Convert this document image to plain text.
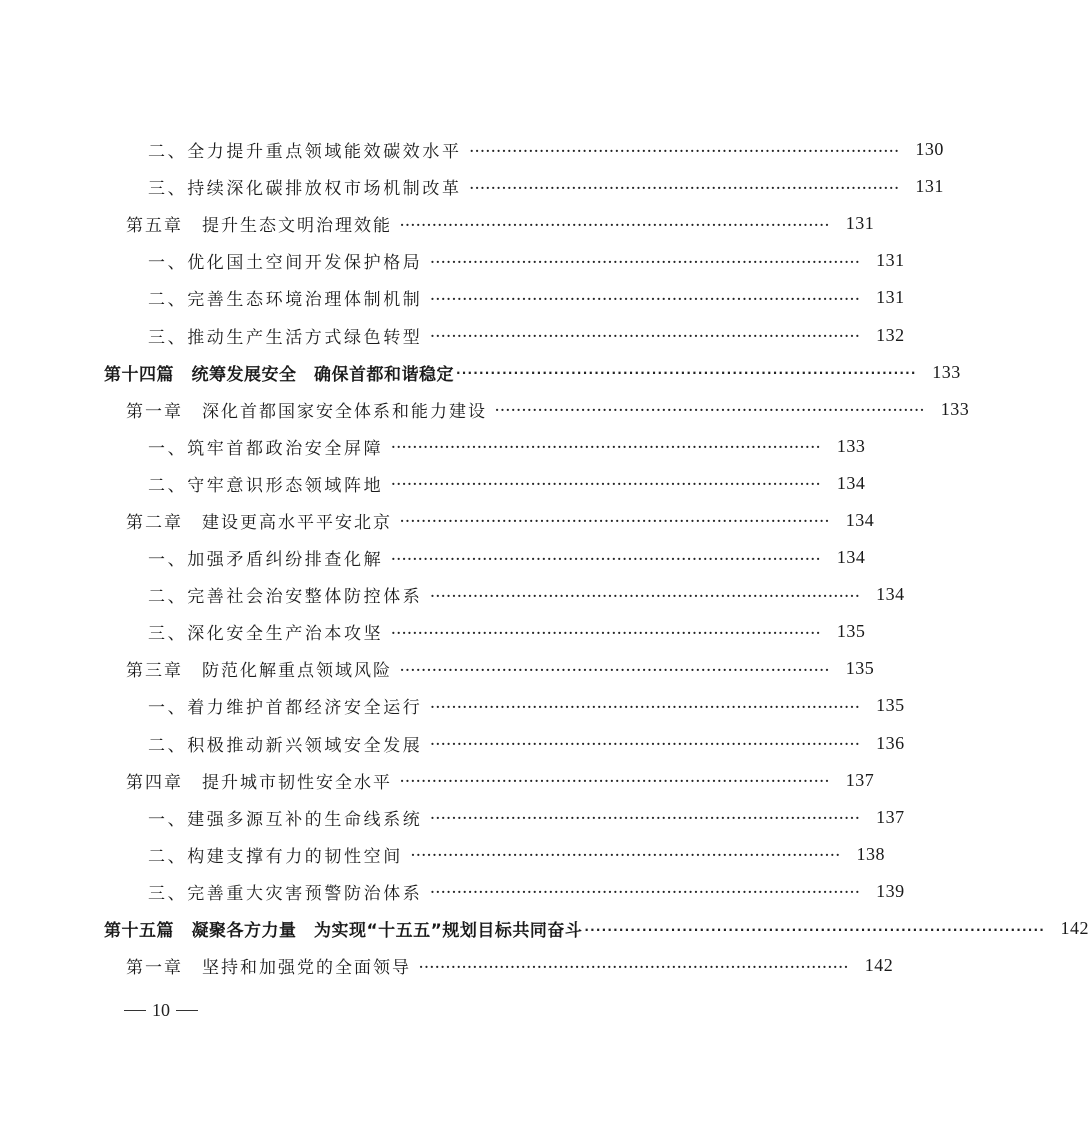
二、全力提升重点领域能效碳效水平 ················································································ 130
三、持续深化碳排放权市场机制改革 ················································································ 131
第五章　提升生态文明治理效能 ················································································ 131
一、优化国土空间开发保护格局 ················································································ 131
二、完善生态环境治理体制机制 ················································································ 131
三、推动生产生活方式绿色转型 ················································································ 132
第十四篇　统筹发展安全　确保首都和谐稳定 ················································································ 133
第一章　深化首都国家安全体系和能力建设 ················································································ 133
一、筑牢首都政治安全屏障 ················································································ 133
二、守牢意识形态领域阵地 ················································································ 134
第二章　建设更高水平平安北京 ················································································ 134
一、加强矛盾纠纷排查化解 ················································································ 134
二、完善社会治安整体防控体系 ················································································ 134
三、深化安全生产治本攻坚 ················································································ 135
第三章　防范化解重点领域风险 ················································································ 135
一、着力维护首都经济安全运行 ················································································ 135
二、积极推动新兴领域安全发展 ················································································ 136
第四章　提升城市韧性安全水平 ················································································ 137
一、建强多源互补的生命线系统 ················································································ 137
二、构建支撑有力的韧性空间 ················································································ 138
三、完善重大灾害预警防治体系 ················································································ 139
第十五篇　凝聚各方力量　为实现“十五五”规划目标共同奋斗 ················································································ 142
第一章　坚持和加强党的全面领导 ················································································ 142
10
